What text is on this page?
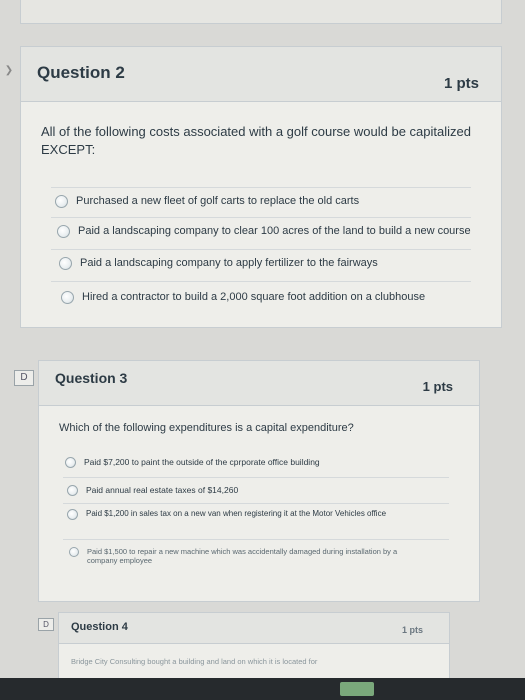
❯ Question 2
1 pts
All of the following costs associated with a golf course would be capitalized EXCEPT:
Purchased a new fleet of golf carts to replace the old carts
Paid a landscaping company to clear 100 acres of the land to build a new course
Paid a landscaping company to apply fertilizer to the fairways
Hired a contractor to build a 2,000 square foot addition on a clubhouse
D	Question 3
1 pts
Which of the following expenditures is a capital expenditure?
Paid $7,200 to paint the outside of the cprporate office building
Paid annual real estate taxes of $14,260
Paid $1,200 in sales tax on a new van when registering it at the Motor Vehicles office
Paid $1,500 to repair a new machine which was accidentally damaged during installation by a company employee
D	Question 4	1 pts
Bridge City Consulting bought a building and land on which it is located for
